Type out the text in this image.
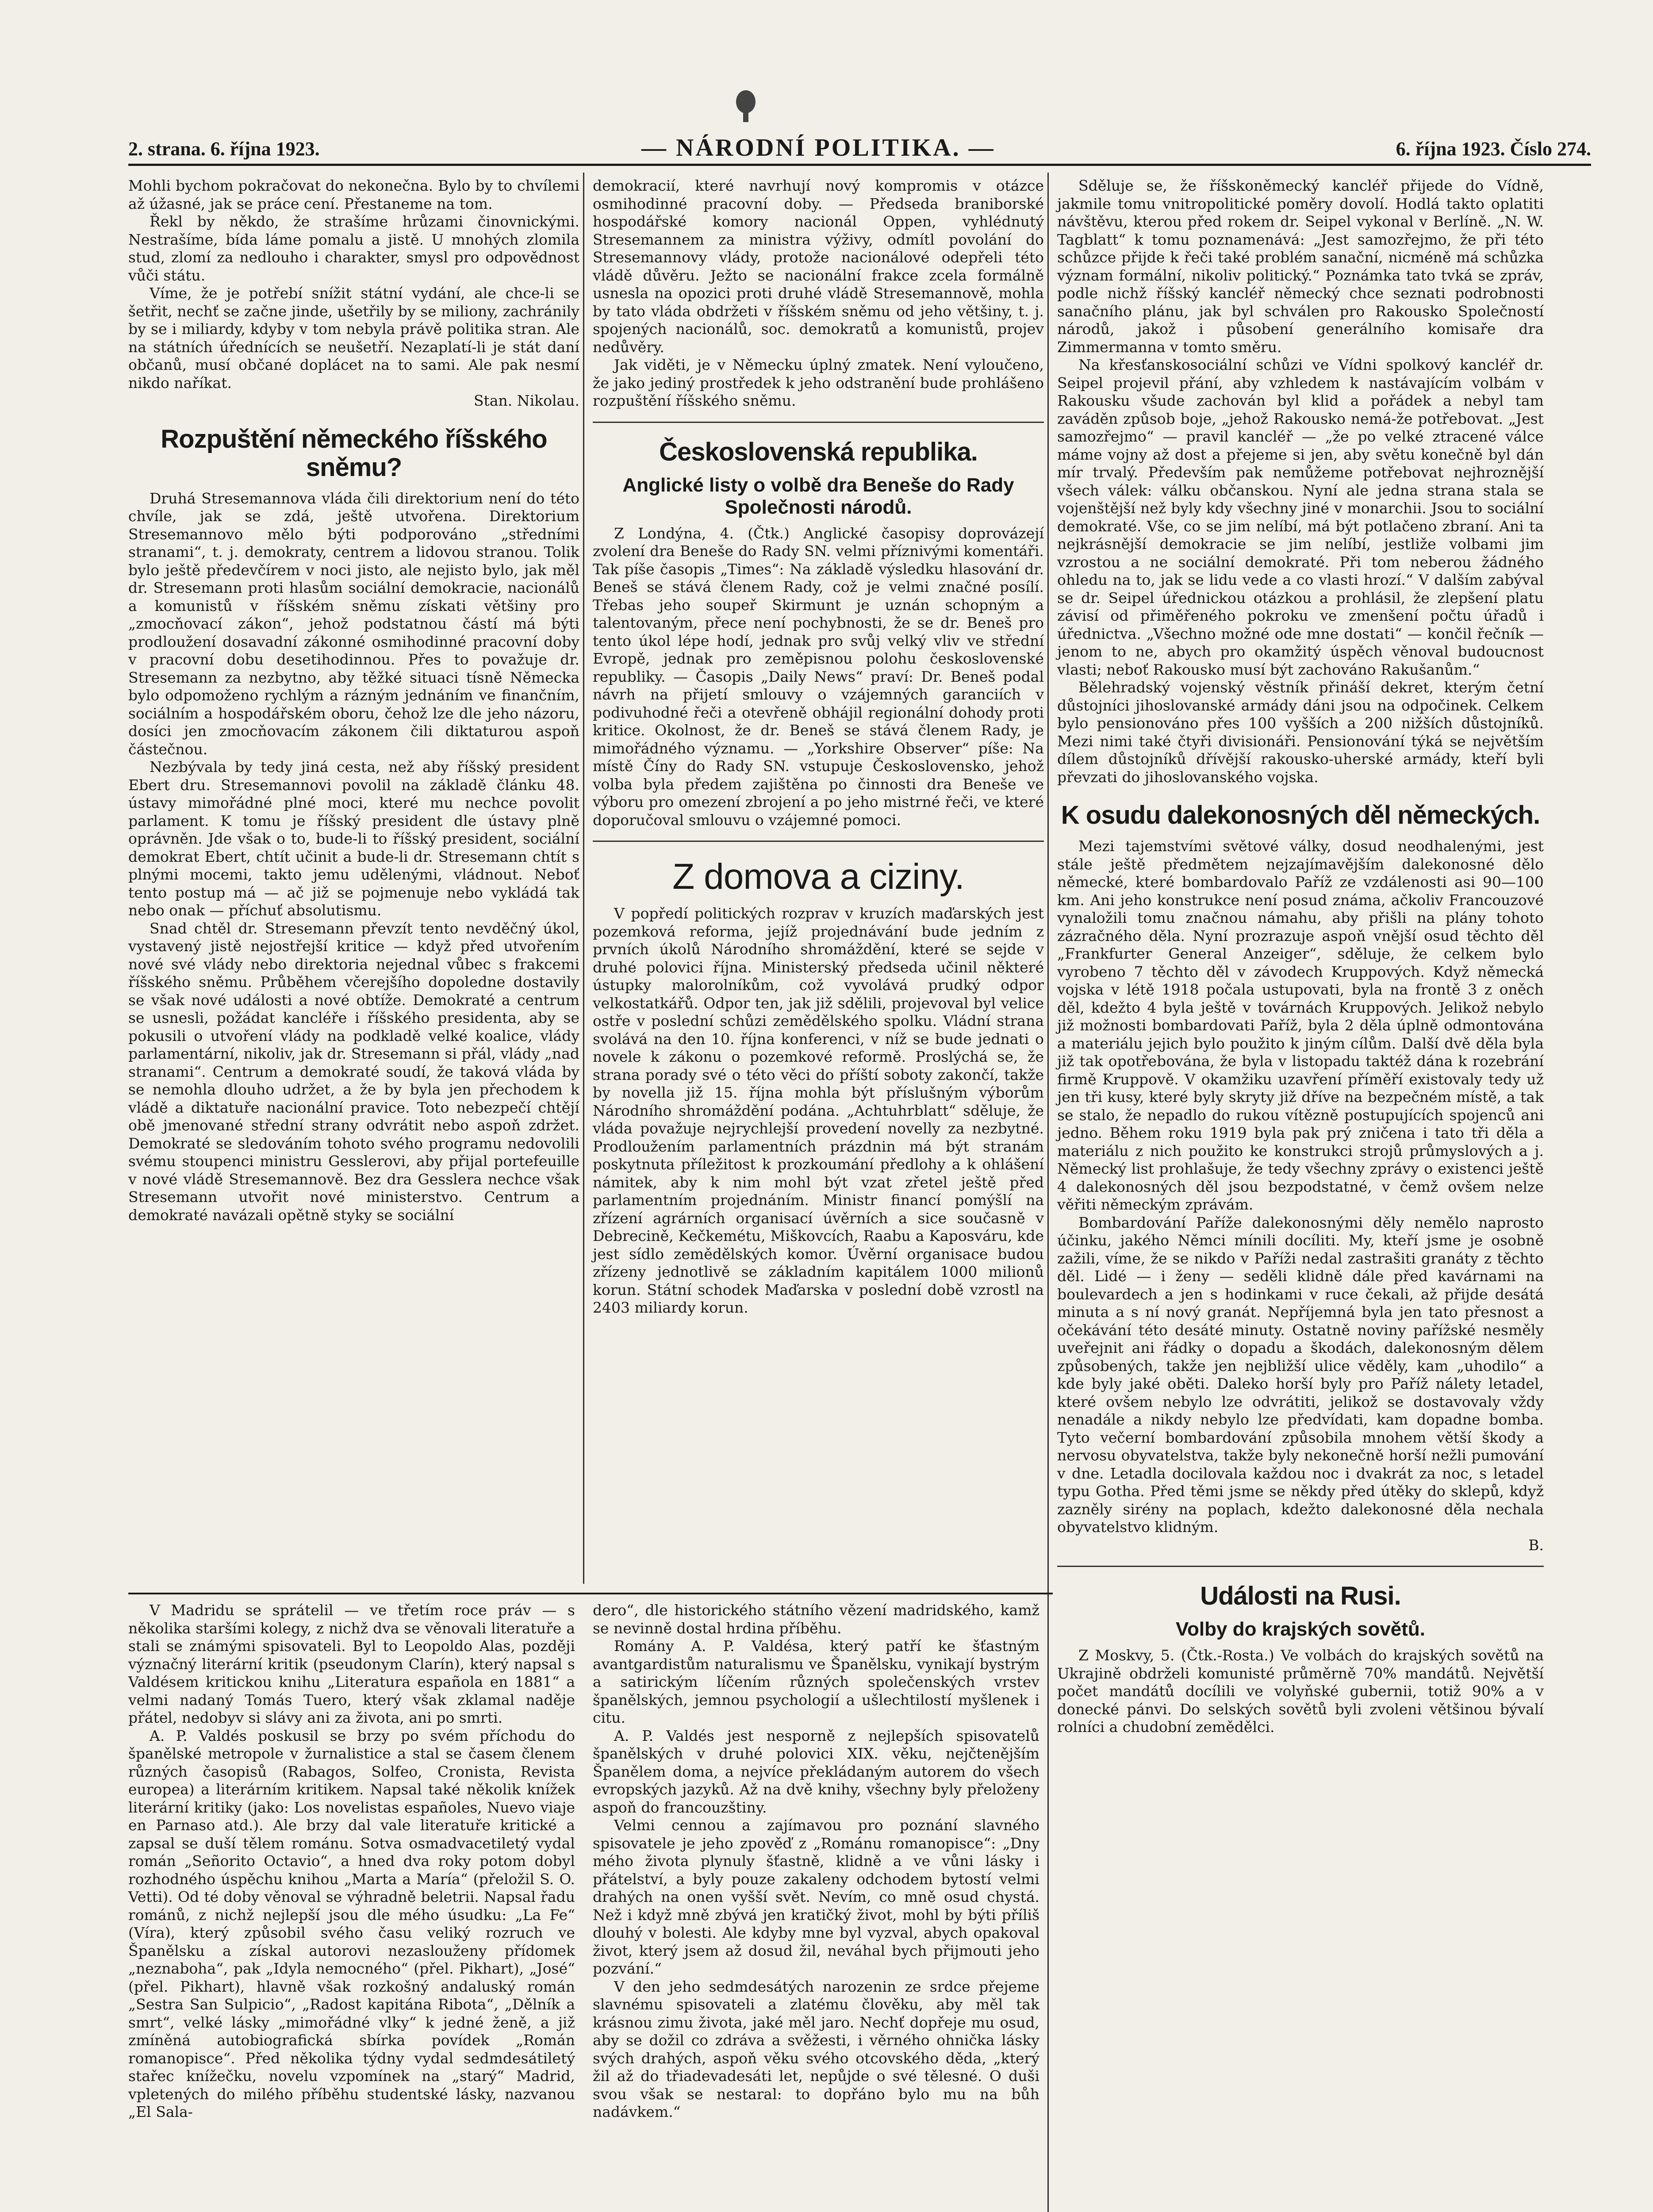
2. strana. 6. října 1923.	— NÁRODNÍ POLITIKA. —	6. října 1923. Číslo 274.

Mohli bychom pokračovat do nekonečna. Bylo by to chvílemi až úžasné, jak se práce cení. Přestaneme na tom.

Řekl by někdo, že strašíme hrůzami činovnickými. Nestrašíme, bída láme pomalu a jistě. U mnohých zlomila stud, zlomí za nedlouho i charakter, smysl pro odpovědnost vůči státu.

Víme, že je potřebí snížit státní vydání, ale chce-li se šetřit, nechť se začne jinde, ušetřily by se miliony, zachránily by se i miliardy, kdyby v tom nebyla právě politika stran. Ale na státních úřednících se neušetří. Nezaplatí-li je stát daní občanů, musí občané doplácet na to sami. Ale pak nesmí nikdo naříkat.

Stan. Nikolau.

Rozpuštění německého říšského sněmu?

Druhá Stresemannova vláda čili direktorium není do této chvíle, jak se zdá, ještě utvořena. Direktorium Stresemannovo mělo býti podporováno „středními stranami“, t. j. demokraty, centrem a lidovou stranou. Tolik bylo ještě předevčírem v noci jisto, ale nejisto bylo, jak měl dr. Stresemann proti hlasům sociální demokracie, nacionálů a komunistů v říšském sněmu získati většiny pro „zmocňovací zákon“, jehož podstatnou částí má býti prodloužení dosavadní zákonné osmihodinné pracovní doby v pracovní dobu desetihodinnou. Přes to považuje dr. Stresemann za nezbytno, aby těžké situaci tísně Německa bylo odpomoženo rychlým a rázným jednáním ve finančním, sociálním a hospodářském oboru, čehož lze dle jeho názoru, dosíci jen zmocňovacím zákonem čili diktaturou aspoň částečnou.

Nezbývala by tedy jiná cesta, než aby říšský president Ebert dru. Stresemannovi povolil na základě článku 48. ústavy mimořádné plné moci, které mu nechce povolit parlament. K tomu je říšský president dle ústavy plně oprávněn. Jde však o to, bude-li to říšský president, sociální demokrat Ebert, chtít učinit a bude-li dr. Stresemann chtít s plnými mocemi, takto jemu udělenými, vládnout. Neboť tento postup má — ač již se pojmenuje nebo vykládá tak nebo onak — příchuť absolutismu.

Snad chtěl dr. Stresemann převzít tento nevděčný úkol, vystavený jistě nejostřejší kritice — když před utvořením nové své vlády nebo direktoria nejednal vůbec s frakcemi říšského sněmu. Průběhem včerejšího dopoledne dostavily se však nové události a nové obtíže. Demokraté a centrum se usnesli, požádat kancléře i říšského presidenta, aby se pokusili o utvoření vlády na podkladě velké koalice, vlády parlamentární, nikoliv, jak dr. Stresemann si přál, vlády „nad stranami“. Centrum a demokraté soudí, že taková vláda by se nemohla dlouho udržet, a že by byla jen přechodem k vládě a diktatuře nacionální pravice. Toto nebezpečí chtějí obě jmenované střední strany odvrátit nebo aspoň zdržet. Demokraté se sledováním tohoto svého programu nedovolili svému stoupenci ministru Gesslerovi, aby přijal portefeuille v nové vládě Stresemannově. Bez dra Gesslera nechce však Stresemann utvořit nové ministerstvo. Centrum a demokraté navázali opětně styky se sociální

demokracií, které navrhují nový kompromis v otázce osmihodinné pracovní doby. — Předseda braniborské hospodářské komory nacionál Oppen, vyhlédnutý Stresemannem za ministra výživy, odmítl povolání do Stresemannovy vlády, protože nacionálové odepřeli této vládě důvěru. Ježto se nacionální frakce zcela formálně usnesla na opozici proti druhé vládě Stresemannově, mohla by tato vláda obdržeti v říšském sněmu od jeho většiny, t. j. spojených nacionálů, soc. demokratů a komunistů, projev nedůvěry.

Jak viděti, je v Německu úplný zmatek. Není vyloučeno, že jako jediný prostředek k jeho odstranění bude prohlášeno rozpuštění říšského sněmu.

Československá republika.
Anglické listy o volbě dra Beneše do Rady Společnosti národů.

Z Londýna, 4. (Čtk.) Anglické časopisy doprovázejí zvolení dra Beneše do Rady SN. velmi příznivými komentáři. Tak píše časopis „Times“: Na základě výsledku hlasování dr. Beneš se stává členem Rady, což je velmi značné posílí. Třebas jeho soupeř Skirmunt je uznán schopným a talentovaným, přece není pochybnosti, že se dr. Beneš pro tento úkol lépe hodí, jednak pro svůj velký vliv ve střední Evropě, jednak pro zeměpisnou polohu československé republiky. — Časopis „Daily News“ praví: Dr. Beneš podal návrh na přijetí smlouvy o vzájemných garanciích v podivuhodné řeči a otevřeně obhájil regionální dohody proti kritice. Okolnost, že dr. Beneš se stává členem Rady, je mimořádného významu. — „Yorkshire Observer“ píše: Na místě Číny do Rady SN. vstupuje Československo, jehož volba byla předem zajištěna po činnosti dra Beneše ve výboru pro omezení zbrojení a po jeho mistrné řeči, ve které doporučoval smlouvu o vzájemné pomoci.

Z domova a ciziny.

V popředí politických rozprav v kruzích maďarských jest pozemková reforma, jejíž projednávání bude jedním z prvních úkolů Národního shromáždění, které se sejde v druhé polovici října. Ministerský předseda učinil některé ústupky malorolníkům, což vyvolává prudký odpor velkostatkářů. Odpor ten, jak již sdělili, projevoval byl velice ostře v poslední schůzi zemědělského spolku. Vládní strana svolává na den 10. října konferenci, v níž se bude jednati o novele k zákonu o pozemkové reformě. Proslýchá se, že strana porady své o této věci do příští soboty zakončí, takže by novella již 15. října mohla být příslušným výborům Národního shromáždění podána. „Achtuhrblatt“ sděluje, že vláda považuje nejrychlejší provedení novelly za nezbytné. Prodloužením parlamentních prázdnin má být stranám poskytnuta příležitost k prozkoumání předlohy a k ohlášení námitek, aby k nim mohl být vzat zřetel ještě před parlamentním projednáním. Ministr financí pomýšlí na zřízení agrárních organisací úvěrních a sice současně v Debrecině, Kečkemétu, Miškovcích, Raabu a Kaposváru, kde jest sídlo zemědělských komor. Úvěrní organisace budou zřízeny jednotlivě se základním kapitálem 1000 milionů korun. Státní schodek Maďarska v poslední době vzrostl na 2403 miliardy korun.

Sděluje se, že říšskoněmecký kancléř přijede do Vídně, jakmile tomu vnitropolitické poměry dovolí. Hodlá takto oplatiti návštěvu, kterou před rokem dr. Seipel vykonal v Berlíně. „N. W. Tagblatt“ k tomu poznamenává: „Jest samozřejmo, že při této schůzce přijde k řeči také problém sanační, nicméně má schůzka význam formální, nikoliv politický.“ Poznámka tato tvká se zpráv, podle nichž říšský kancléř německý chce seznati podrobnosti sanačního plánu, jak byl schválen pro Rakousko Společností národů, jakož i působení generálního komisaře dra Zimmermanna v tomto směru.

Na křesťanskosociální schůzi ve Vídni spolkový kancléř dr. Seipel projevil přání, aby vzhledem k nastávajícím volbám v Rakousku všude zachován byl klid a pořádek a nebyl tam zaváděn způsob boje, „jehož Rakousko nemá-že potřebovat. „Jest samozřejmo“ — pravil kancléř — „že po velké ztracené válce máme vojny až dost a přejeme si jen, aby světu konečně byl dán mír trvalý. Především pak nemůžeme potřebovat nejhroznější všech válek: válku občanskou. Nyní ale jedna strana stala se vojenštější než byly kdy všechny jiné v monarchii. Jsou to sociální demokraté. Vše, co se jim nelíbí, má být potlačeno zbraní. Ani ta nejkrásnější demokracie se jim nelíbí, jestliže volbami jim vzrostou a ne sociální demokraté. Při tom neberou žádného ohledu na to, jak se lidu vede a co vlasti hrozí.“ V dalším zabýval se dr. Seipel úřednickou otázkou a prohlásil, že zlepšení platu závisí od přiměřeného pokroku ve zmenšení počtu úřadů i úřednictva. „Všechno možné ode mne dostati“ — končil řečník — jenom to ne, abych pro okamžitý úspěch věnoval budoucnost vlasti; neboť Rakousko musí být zachováno Rakušanům.“

Bělehradský vojenský věstník přináší dekret, kterým četní důstojníci jihoslovanské armády dáni jsou na odpočinek. Celkem bylo pensionováno přes 100 vyšších a 200 nižších důstojníků. Mezi nimi také čtyři divisionáři. Pensionování týká se největším dílem důstojníků dřívější rakousko-uherské armády, kteří byli převzati do jihoslovanského vojska.

K osudu dalekonosných děl německých.

Mezi tajemstvími světové války, dosud neodhalenými, jest stále ještě předmětem nejzajímavějším dalekonosné dělo německé, které bombardovalo Paříž ze vzdálenosti asi 90—100 km. Ani jeho konstrukce není posud známa, ačkoliv Francouzové vynaložili tomu značnou námahu, aby přišli na plány tohoto zázračného děla. Nyní prozrazuje aspoň vnější osud těchto děl „Frankfurter General Anzeiger“, sděluje, že celkem bylo vyrobeno 7 těchto děl v závodech Kruppových. Když německá vojska v létě 1918 počala ustupovati, byla na frontě 3 z oněch děl, kdežto 4 byla ještě v továrnách Kruppových. Jelikož nebylo již možnosti bombardovati Paříž, byla 2 děla úplně odmontována a materiálu jejich bylo použito k jiným cílům. Další dvě děla byla již tak opotřebována, že byla v listopadu taktéž dána k rozebrání firmě Kruppově. V okamžiku uzavření příměří existovaly tedy už jen tři kusy, které byly skryty již dříve na bezpečném místě, a tak se stalo, že nepadlo do rukou vítězně postupujících spojenců ani jedno. Během roku 1919 byla pak prý zničena i tato tři děla a materiálu z nich použito ke konstrukci strojů průmyslových a j. Německý list prohlašuje, že tedy všechny zprávy o existenci ještě 4 dalekonosných děl jsou bezpodstatné, v čemž ovšem nelze věřiti německým zprávám.

Bombardování Paříže dalekonosnými děly nemělo naprosto účinku, jakého Němci mínili docíliti. My, kteří jsme je osobně zažili, víme, že se nikdo v Paříži nedal zastrašiti granáty z těchto děl. Lidé — i ženy — seděli klidně dále před kavárnami na boulevardech a jen s hodinkami v ruce čekali, až přijde desátá minuta a s ní nový granát. Nepříjemná byla jen tato přesnost a očekávání této desáté minuty. Ostatně noviny pařížské nesměly uveřejnit ani řádky o dopadu a škodách, dalekonosným dělem způsobených, takže jen nejbližší ulice věděly, kam „uhodilo“ a kde byly jaké oběti. Daleko horší byly pro Paříž nálety letadel, které ovšem nebylo lze odvrátiti, jelikož se dostavovaly vždy nenadále a nikdy nebylo lze předvídati, kam dopadne bomba. Tyto večerní bombardování způsobila mnohem větší škody a nervosu obyvatelstva, takže byly nekonečně horší nežli pumování v dne. Letadla docilovala každou noc i dvakrát za noc, s letadel typu Gotha. Před těmi jsme se někdy před útěky do sklepů, když zazněly sirény na poplach, kdežto dalekonosné děla nechala obyvatelstvo klidným.

B.

Události na Rusi.
Volby do krajských sovětů.

Z Moskvy, 5. (Čtk.-Rosta.) Ve volbách do krajských sovětů na Ukrajině obdrželi komunisté průměrně 70% mandátů. Největší počet mandátů docílili ve volyňské gubernii, totiž 90% a v donecké pánvi. Do selských sovětů byli zvoleni většinou bývalí rolníci a chudobní zemědělci.

V Madridu se sprátelil — ve třetím roce práv — s několika staršími kolegy, z nichž dva se věnovali literatuře a stali se známými spisovateli. Byl to Leopoldo Alas, později význačný literární kritik (pseudonym Clarín), který napsal s Valdésem kritickou knihu „Literatura española en 1881“ a velmi nadaný Tomás Tuero, který však zklamal naděje přátel, nedobyv si slávy ani za života, ani po smrti.

A. P. Valdés poskusil se brzy po svém příchodu do španělské metropole v žurnalistice a stal se časem členem různých časopisů (Rabagos, Solfeo, Cronista, Revista europea) a literárním kritikem. Napsal také několik knížek literární kritiky (jako: Los novelistas españoles, Nuevo viaje en Parnaso atd.). Ale brzy dal vale literatuře kritické a zapsal se duší tělem románu. Sotva osmadvacetiletý vydal román „Señorito Octavio“, a hned dva roky potom dobyl rozhodného úspěchu knihou „Marta a María“ (přeložil S. O. Vetti). Od té doby věnoval se výhradně beletrii. Napsal řadu románů, z nichž nejlepší jsou dle mého úsudku: „La Fe“ (Víra), který způsobil svého času veliký rozruch ve Španělsku a získal autorovi nezaslouženy přídomek „neznaboha“, pak „Idyla nemocného“ (přel. Pikhart), „José“ (přel. Pikhart), hlavně však rozkošný andaluský román „Sestra San Sulpicio“, „Radost kapitána Ribota“, „Dělník a smrt“, velké lásky „mimořádné vlky“ k jedné ženě, a již zmíněná autobiografická sbírka povídek „Román romanopisce“. Před několika týdny vydal sedmdesátiletý stařec knížečku, novelu vzpomínek na „starý“ Madrid, vpletených do milého příběhu studentské lásky, nazvanou „El Sala-

dero“, dle historického státního vězení madridského, kamž se nevinně dostal hrdina příběhu.

Romány A. P. Valdésa, který patří ke šťastným avantgardistům naturalismu ve Španělsku, vynikají bystrým a satirickým líčením různých společenských vrstev španělských, jemnou psychologií a ušlechtilostí myšlenek i citu.

A. P. Valdés jest nesporně z nejlepších spisovatelů španělských v druhé polovici XIX. věku, nejčtenějším Španělem doma, a nejvíce překládaným autorem do všech evropských jazyků. Až na dvě knihy, všechny byly přeloženy aspoň do francouzštiny.

Velmi cennou a zajímavou pro poznání slavného spisovatele je jeho zpověď z „Románu romanopisce“: „Dny mého života plynuly šťastně, klidně a ve vůni lásky i přátelství, a byly pouze zakaleny odchodem bytostí velmi drahých na onen vyšší svět. Nevím, co mně osud chystá. Než i když mně zbývá jen kratičký život, mohl by býti příliš dlouhý v bolesti. Ale kdyby mne byl vyzval, abych opakoval život, který jsem až dosud žil, neváhal bych přijmouti jeho pozvání.“

V den jeho sedmdesátých narozenin ze srdce přejeme slavnému spisovateli a zlatému člověku, aby měl tak krásnou zimu života, jaké měl jaro. Nechť dopřeje mu osud, aby se dožil co zdráva a svěžesti, i věrného ohnička lásky svých drahých, aspoň věku svého otcovského děda, „který žil až do třiadevadesáti let, nepůjde o své tělesné. O duši svou však se nestaral: to dopřáno bylo mu na bůh nadávkem.“
